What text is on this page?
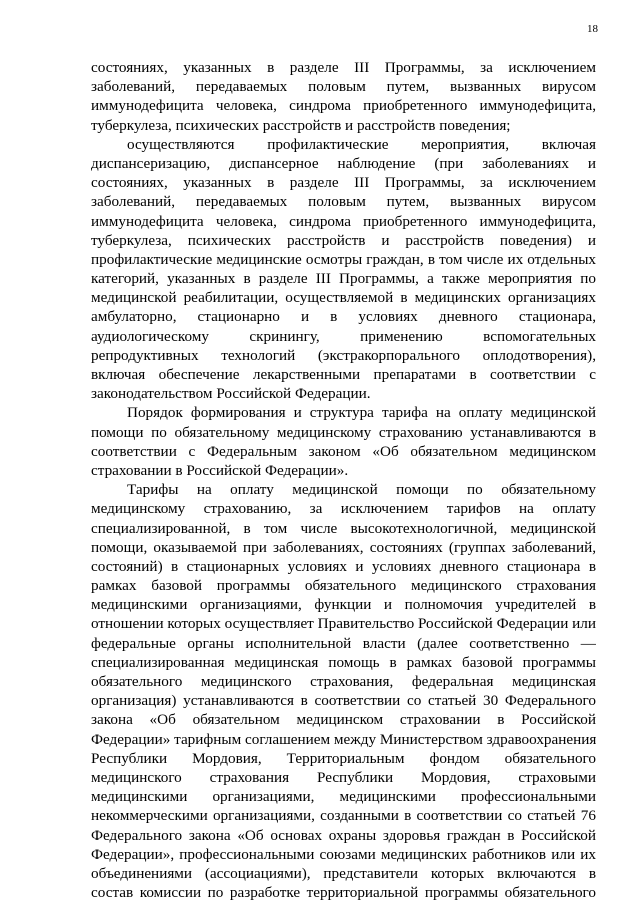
18
состояниях, указанных в разделе III Программы, за исключением
заболеваний, передаваемых половым путем, вызванных вирусом
иммунодефицита человека, синдрома приобретенного иммунодефицита,
туберкулеза, психических расстройств и расстройств поведения;
осуществляются профилактические мероприятия, включая
диспансеризацию, диспансерное наблюдение (при заболеваниях и
состояниях, указанных в разделе III Программы, за исключением
заболеваний, передаваемых половым путем, вызванных вирусом
иммунодефицита человека, синдрома приобретенного иммунодефицита,
туберкулеза, психических расстройств и расстройств поведения) и
профилактические медицинские осмотры граждан, в том числе их отдельных
категорий, указанных в разделе III Программы, а также мероприятия по
медицинской реабилитации, осуществляемой в медицинских организациях
амбулаторно, стационарно и в условиях дневного стационара,
аудиологическому скринингу, применению вспомогательных
репродуктивных технологий (экстракорпорального оплодотворения),
включая обеспечение лекарственными препаратами в соответствии с
законодательством Российской Федерации.
Порядок формирования и структура тарифа на оплату медицинской
помощи по обязательному медицинскому страхованию устанавливаются в
соответствии с Федеральным законом «Об обязательном медицинском
страховании в Российской Федерации».
Тарифы на оплату медицинской помощи по обязательному
медицинскому страхованию, за исключением тарифов на оплату
специализированной, в том числе высокотехнологичной, медицинской
помощи, оказываемой при заболеваниях, состояниях (группах заболеваний,
состояний) в стационарных условиях и условиях дневного стационара в
рамках базовой программы обязательного медицинского страхования
медицинскими организациями, функции и полномочия учредителей в
отношении которых осуществляет Правительство Российской Федерации или
федеральные органы исполнительной власти (далее соответственно —
специализированная медицинская помощь в рамках базовой программы
обязательного медицинского страхования, федеральная медицинская
организация) устанавливаются в соответствии со статьей 30 Федерального
закона «Об обязательном медицинском страховании в Российской
Федерации» тарифным соглашением между Министерством здравоохранения
Республики Мордовия, Территориальным фондом обязательного
медицинского страхования Республики Мордовия, страховыми
медицинскими организациями, медицинскими профессиональными
некоммерческими организациями, созданными в соответствии со статьей 76
Федерального закона «Об основах охраны здоровья граждан в Российской
Федерации», профессиональными союзами медицинских работников или их
объединениями (ассоциациями), представители которых включаются в
состав комиссии по разработке территориальной программы обязательного
